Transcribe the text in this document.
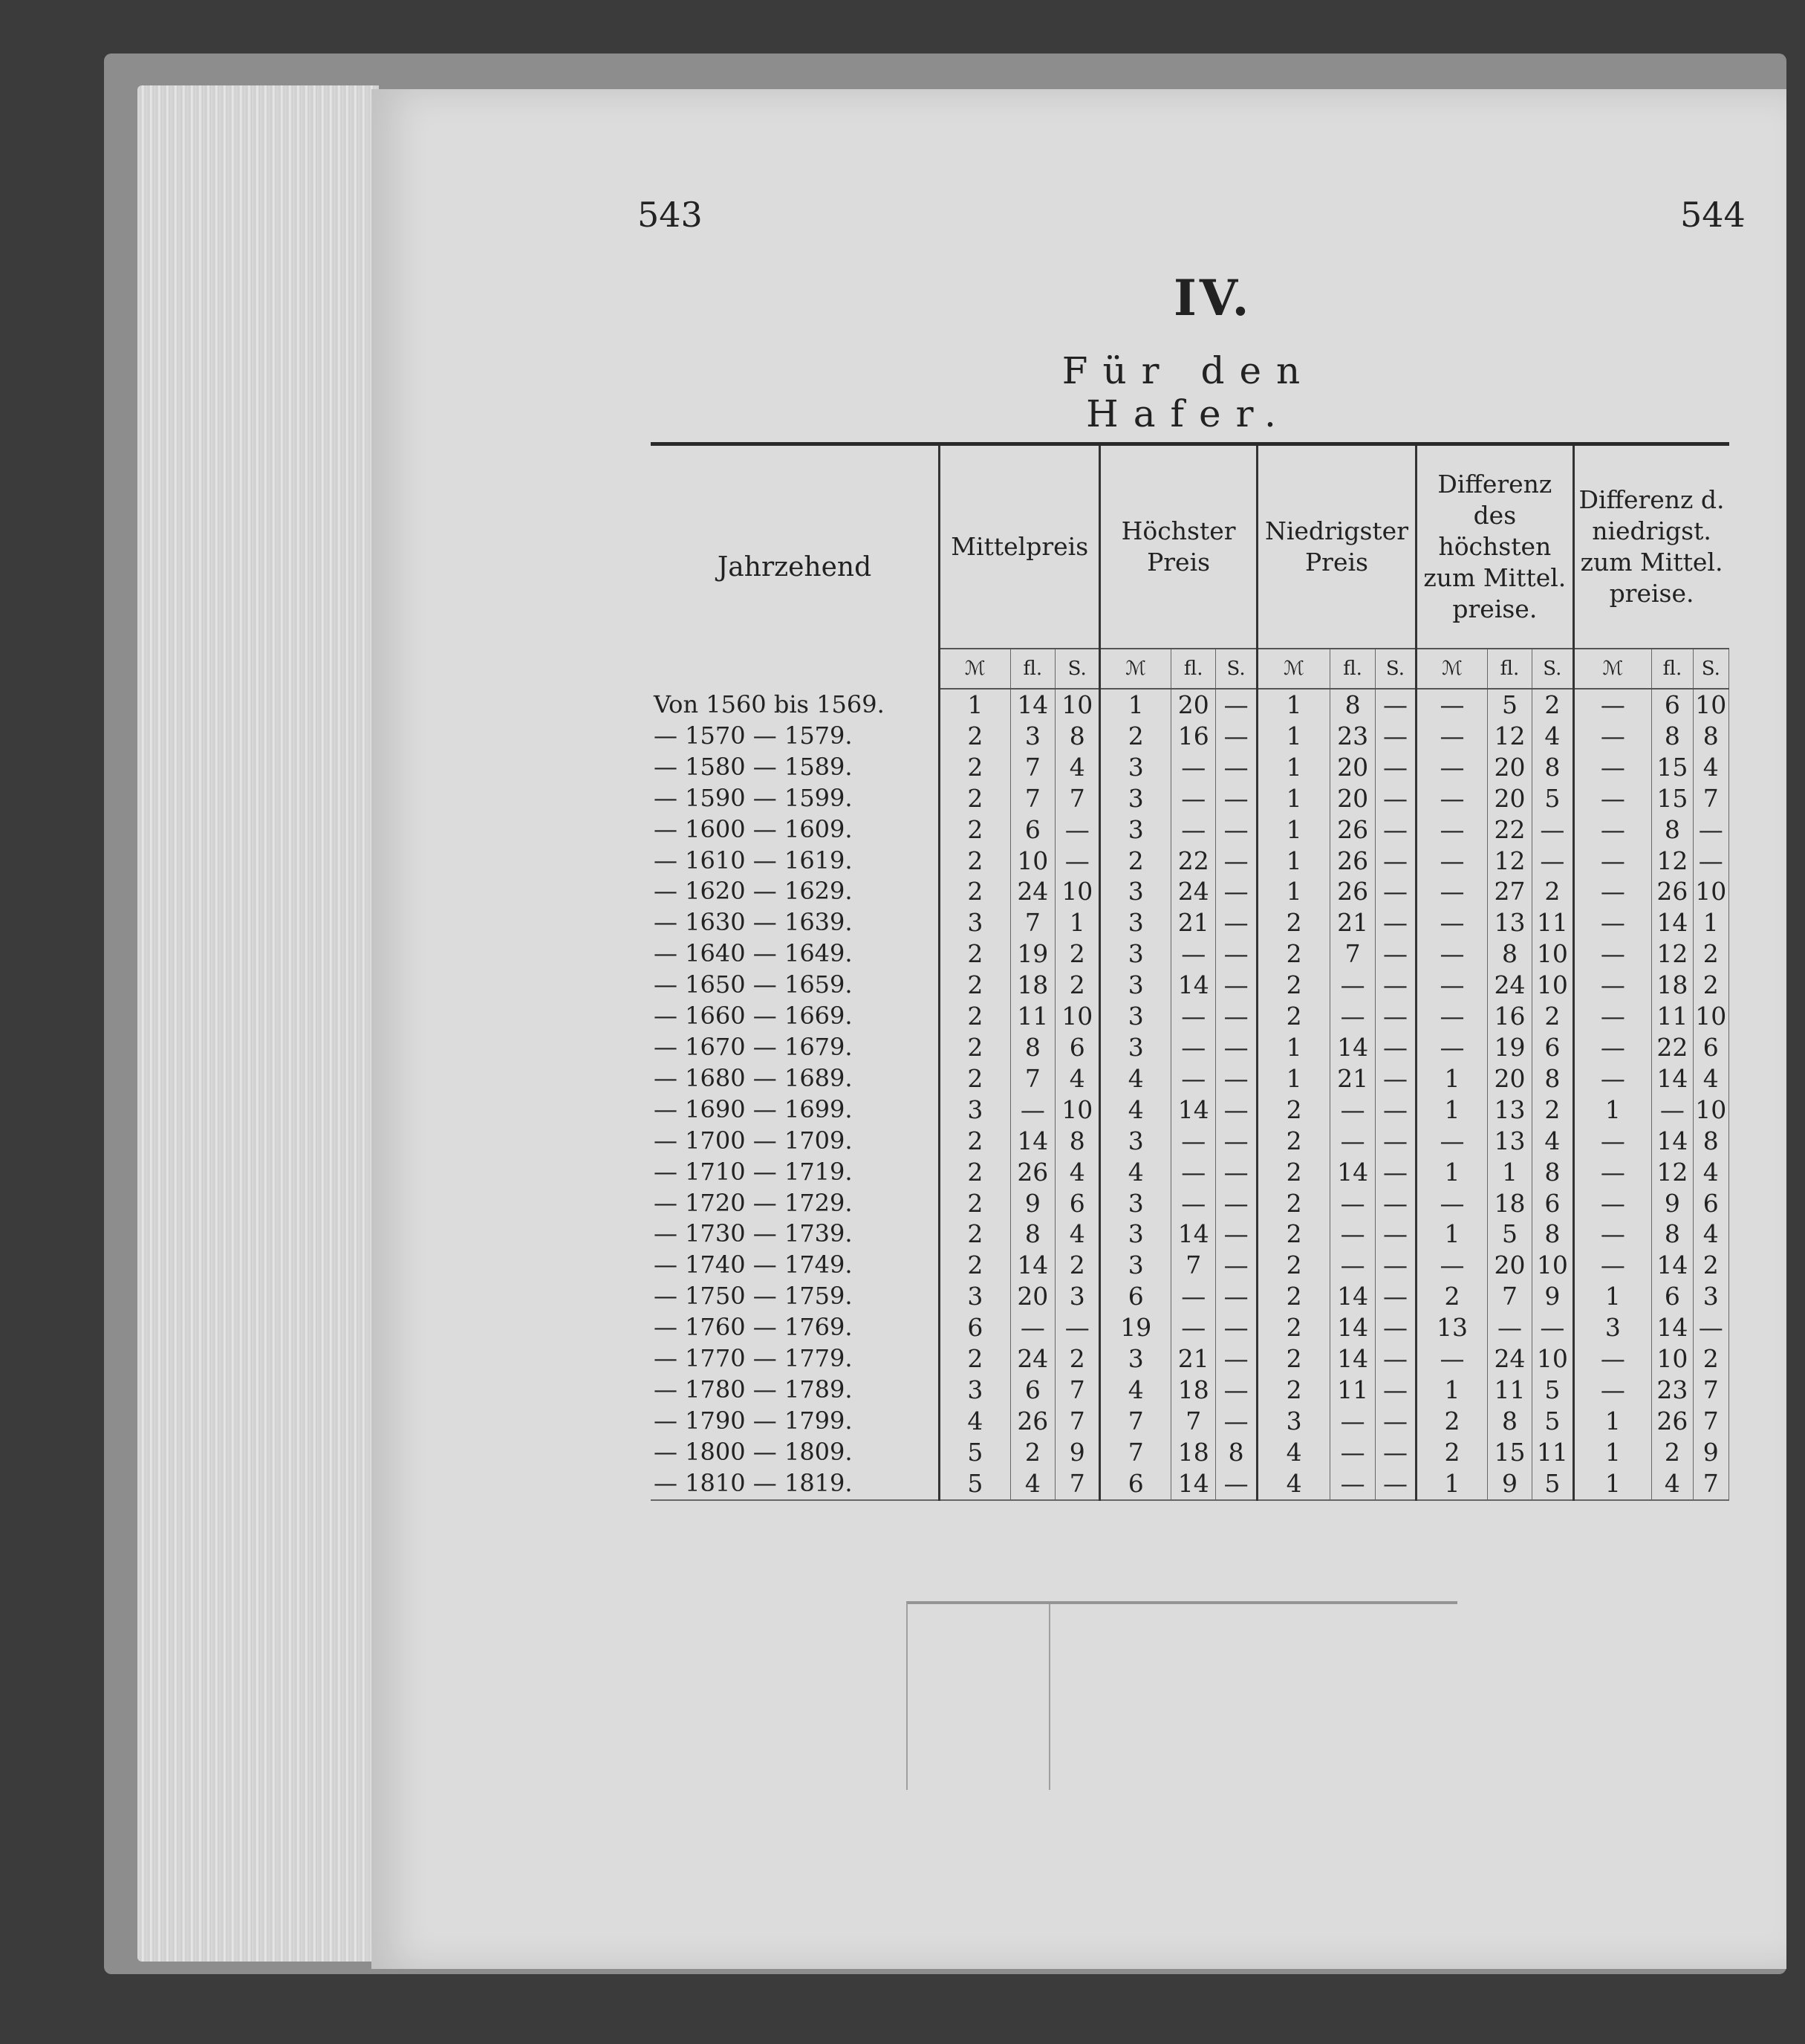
543	544
IV.
Für den Hafer.
Jahrzehend	Mittelpreis			Höchster Preis			Niedrigster Preis			Differenz des höchsten zum Mittel. preise.			Differenz d. niedrigst. zum Mittel. preise.		
	ℳ︎	fl.	S.	ℳ︎	fl.	S.	ℳ︎	fl.	S.	ℳ︎	fl.	S.	ℳ︎	fl.	S.
Von 1560 bis 1569.	1	14	10	1	20	—	1	8	—	—	5	2	—	6	10
— 1570 — 1579.	2	3	8	2	16	—	1	23	—	—	12	4	—	8	8
— 1580 — 1589.	2	7	4	3	—	—	1	20	—	—	20	8	—	15	4
— 1590 — 1599.	2	7	7	3	—	—	1	20	—	—	20	5	—	15	7
— 1600 — 1609.	2	6	—	3	—	—	1	26	—	—	22	—	—	8	—
— 1610 — 1619.	2	10	—	2	22	—	1	26	—	—	12	—	—	12	—
— 1620 — 1629.	2	24	10	3	24	—	1	26	—	—	27	2	—	26	10
— 1630 — 1639.	3	7	1	3	21	—	2	21	—	—	13	11	—	14	1
— 1640 — 1649.	2	19	2	3	—	—	2	7	—	—	8	10	—	12	2
— 1650 — 1659.	2	18	2	3	14	—	2	—	—	—	24	10	—	18	2
— 1660 — 1669.	2	11	10	3	—	—	2	—	—	—	16	2	—	11	10
— 1670 — 1679.	2	8	6	3	—	—	1	14	—	—	19	6	—	22	6
— 1680 — 1689.	2	7	4	4	—	—	1	21	—	1	20	8	—	14	4
— 1690 — 1699.	3	—	10	4	14	—	2	—	—	1	13	2	1	—	10
— 1700 — 1709.	2	14	8	3	—	—	2	—	—	—	13	4	—	14	8
— 1710 — 1719.	2	26	4	4	—	—	2	14	—	1	1	8	—	12	4
— 1720 — 1729.	2	9	6	3	—	—	2	—	—	—	18	6	—	9	6
— 1730 — 1739.	2	8	4	3	14	—	2	—	—	1	5	8	—	8	4
— 1740 — 1749.	2	14	2	3	7	—	2	—	—	—	20	10	—	14	2
— 1750 — 1759.	3	20	3	6	—	—	2	14	—	2	7	9	1	6	3
— 1760 — 1769.	6	—	—	19	—	—	2	14	—	13	—	—	3	14	—
— 1770 — 1779.	2	24	2	3	21	—	2	14	—	—	24	10	—	10	2
— 1780 — 1789.	3	6	7	4	18	—	2	11	—	1	11	5	—	23	7
— 1790 — 1799.	4	26	7	7	7	—	3	—	—	2	8	5	1	26	7
— 1800 — 1809.	5	2	9	7	18	8	4	—	—	2	15	11	1	2	9
— 1810 — 1819.	5	4	7	6	14	—	4	—	—	1	9	5	1	4	7
